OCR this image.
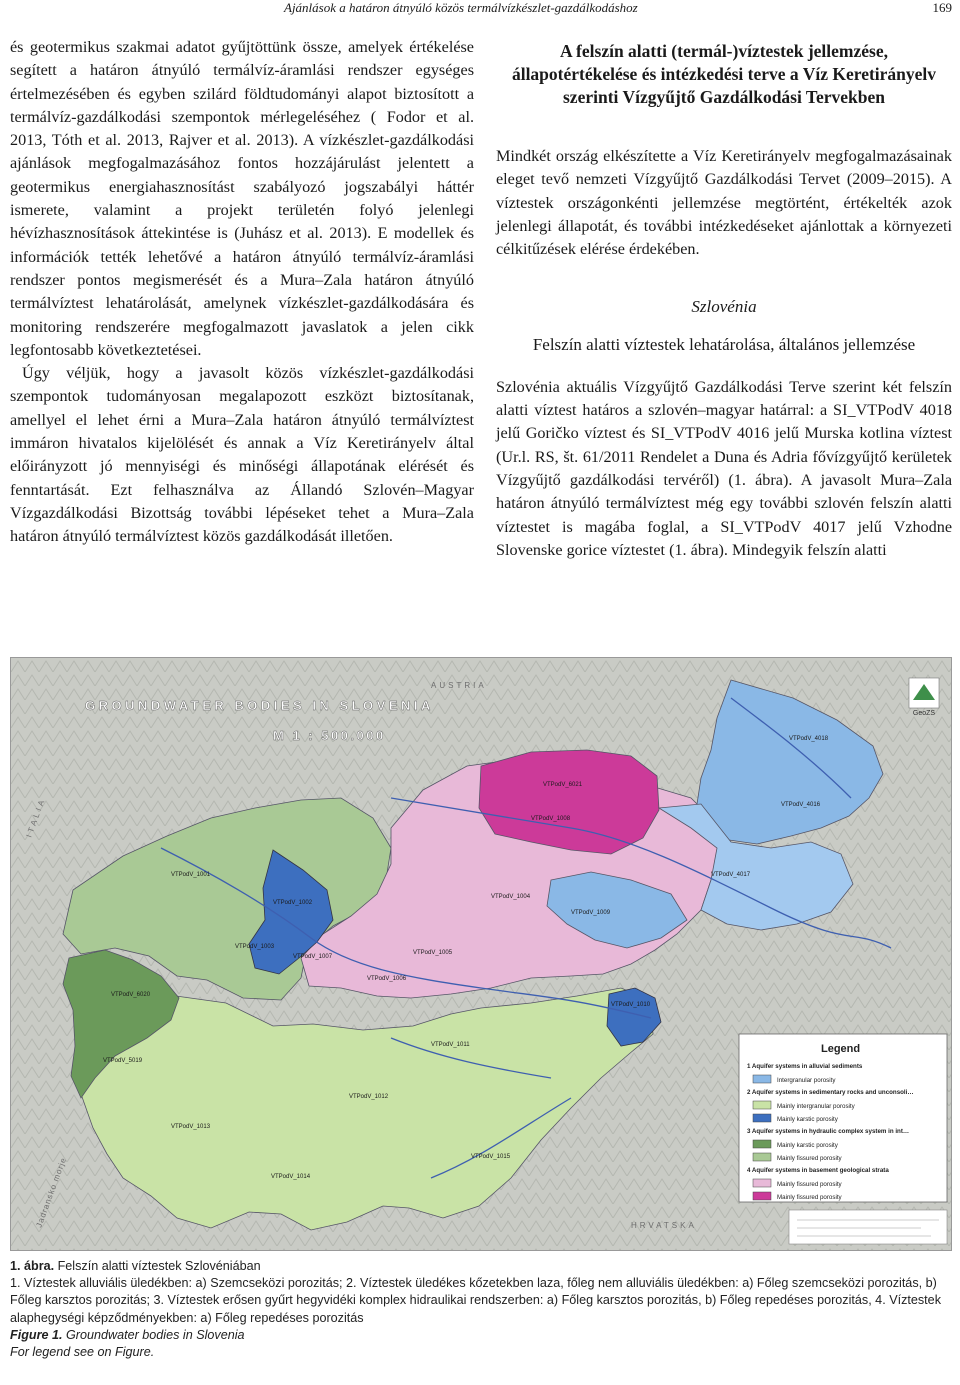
Ajánlások a határon átnyúló közös termálvízkészlet-gazdálkodáshoz	169

és geotermikus szakmai adatot gyűjtöttünk össze, amelyek értékelése segített a határon átnyúló termálvíz-áramlási rendszer egységes értelmezésében és egyben szilárd földtudományi alapot biztosított a termálvíz-gazdálkodási szempontok mérlegeléséhez ( Fodor et al. 2013, Tóth et al. 2013, Rajver et al. 2013). A vízkészlet-gazdálkodási ajánlások megfogalmazásához fontos hozzájárulást jelentett a geotermikus energiahasznosítást szabályozó jogszabályi háttér ismerete, valamint a projekt területén folyó jelenlegi hévízhasznosítások áttekintése is (Juhász et al. 2013). E modellek és információk tették lehetővé a határon átnyúló termálvíz-áramlási rendszer pontos megismerését és a Mura–Zala határon átnyúló termálvíztest lehatárolását, amelynek vízkészlet-gazdálkodására és monitoring rendszerére megfogalmazott javaslatok a jelen cikk legfontosabb következtetései.

Úgy véljük, hogy a javasolt közös vízkészlet-gazdálkodási szempontok tudományosan megalapozott eszközt biztosítanak, amellyel el lehet érni a Mura–Zala határon átnyúló termálvíztest immáron hivatalos kijelölését és annak a Víz Keretirányelv által előirányzott jó mennyiségi és minőségi állapotának elérését és fenntartását. Ezt felhasználva az Állandó Szlovén–Magyar Vízgazdálkodási Bizottság további lépéseket tehet a Mura–Zala határon átnyúló termálvíztest közös gazdálkodását illetően.

A felszín alatti (termál-)víztestek jellemzése, állapotértékelése és intézkedési terve a Víz Keretirányelv szerinti Vízgyűjtő Gazdálkodási Tervekben

Mindkét ország elkészítette a Víz Keretirányelv megfogalmazásainak eleget tevő nemzeti Vízgyűjtő Gazdálkodási Tervet (2009–2015). A víztestek országonkénti jellemzése megtörtént, értékelték azok jelenlegi állapotát, és további intézkedéseket ajánlottak a környezeti célkitűzések elérése érdekében.

Szlovénia
Felszín alatti víztestek lehatárolása, általános jellemzése

Szlovénia aktuális Vízgyűjtő Gazdálkodási Terve szerint két felszín alatti víztest határos a szlovén–magyar határral: a SI_VTPodV 4018 jelű Goričko víztest és SI_VTPodV 4016 jelű Murska kotlina víztest (Ur.l. RS, št. 61/2011 Rendelet a Duna és Adria fővízgyűjtő kerületek Vízgyűjtő gazdálkodási tervéről) (1. ábra). A javasolt Mura–Zala határon átnyúló termálvíztest még egy további szlovén felszín alatti víztestet is magába foglal, a SI_VTPodV 4017 jelű Vzhodne Slovenske gorice víztestet (1. ábra). Mindegyik felszín alatti

GROUNDWATER BODIES IN SLOVENIA
M 1 : 500.000
GeoZS
VTPodV_4018
VTPodV_4016
VTPodV_4017
VTPodV_1001
VTPodV_1002
VTPodV_1003
VTPodV_1004
VTPodV_1005
VTPodV_1006
VTPodV_1007
VTPodV_1008
VTPodV_1009
VTPodV_1010
VTPodV_1011
VTPodV_1012
VTPodV_1013
VTPodV_1014
VTPodV_1015
VTPodV_5019
VTPodV_6020
VTPodV_6021
AUSTRIA
ITALIA
HRVATSKA
Jadransko morje
Legend
1 Aquifer systems in alluvial sediments
Intergranular porosity
2 Aquifer systems in sedimentary rocks and unconsoli…
Mainly intergranular porosity
Mainly karstic porosity
3 Aquifer systems in hydraulic complex system in int…
Mainly karstic porosity
Mainly fissured porosity
4 Aquifer systems in basement geological strata
Mainly fissured porosity
Mainly fissured porosity

1. ábra. Felszín alatti víztestek Szlovéniában

1. Víztestek alluviális üledékben: a) Szemcseközi porozitás; 2. Víztestek üledékes kőzetekben laza, főleg nem alluviális üledékben: a) Főleg szemcseközi porozitás, b) Főleg karsztos porozitás; 3. Víztestek erősen gyűrt hegyvidéki komplex hidraulikai rendszerben: a) Főleg karsztos porozitás, b) Főleg repedéses porozitás, 4. Víztestek alaphegységi képződményekben: a) Főleg repedéses porozitás

Figure 1. Groundwater bodies in Slovenia

For legend see on Figure.
